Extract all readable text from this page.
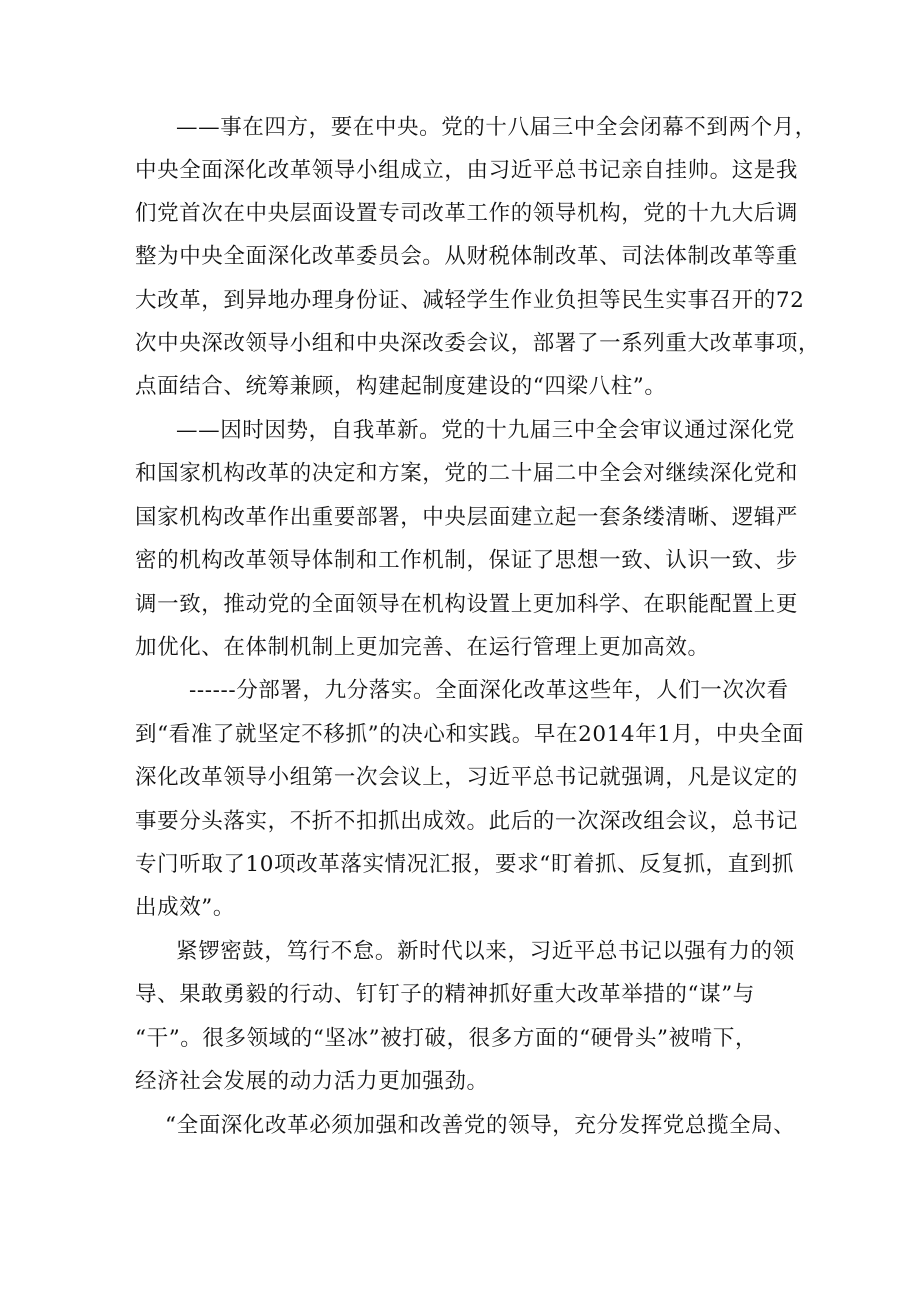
——事在四方，要在中央。党的十八届三中全会闭幕不到两个月，
中央全面深化改革领导小组成立，由习近平总书记亲自挂帅。这是我
们党首次在中央层面设置专司改革工作的领导机构，党的十九大后调
整为中央全面深化改革委员会。从财税体制改革、司法体制改革等重
大改革，到异地办理身份证、减轻学生作业负担等民生实事召开的72
次中央深改领导小组和中央深改委会议，部署了一系列重大改革事项，
点面结合、统筹兼顾，构建起制度建设的“四梁八柱”。
——因时因势，自我革新。党的十九届三中全会审议通过深化党
和国家机构改革的决定和方案，党的二十届二中全会对继续深化党和
国家机构改革作出重要部署，中央层面建立起一套条缕清晰、逻辑严
密的机构改革领导体制和工作机制，保证了思想一致、认识一致、步
调一致，推动党的全面领导在机构设置上更加科学、在职能配置上更
加优化、在体制机制上更加完善、在运行管理上更加高效。
------分部署，九分落实。全面深化改革这些年，人们一次次看
到“看准了就坚定不移抓”的决心和实践。早在2014年1月，中央全面
深化改革领导小组第一次会议上，习近平总书记就强调，凡是议定的
事要分头落实，不折不扣抓出成效。此后的一次深改组会议，总书记
专门听取了10项改革落实情况汇报，要求“盯着抓、反复抓，直到抓
出成效”。
紧锣密鼓，笃行不怠。新时代以来，习近平总书记以强有力的领
导、果敢勇毅的行动、钉钉子的精神抓好重大改革举措的“谋”与
“干”。很多领域的“坚冰”被打破，很多方面的“硬骨头”被啃下，
经济社会发展的动力活力更加强劲。
“全面深化改革必须加强和改善党的领导，充分发挥党总揽全局、
